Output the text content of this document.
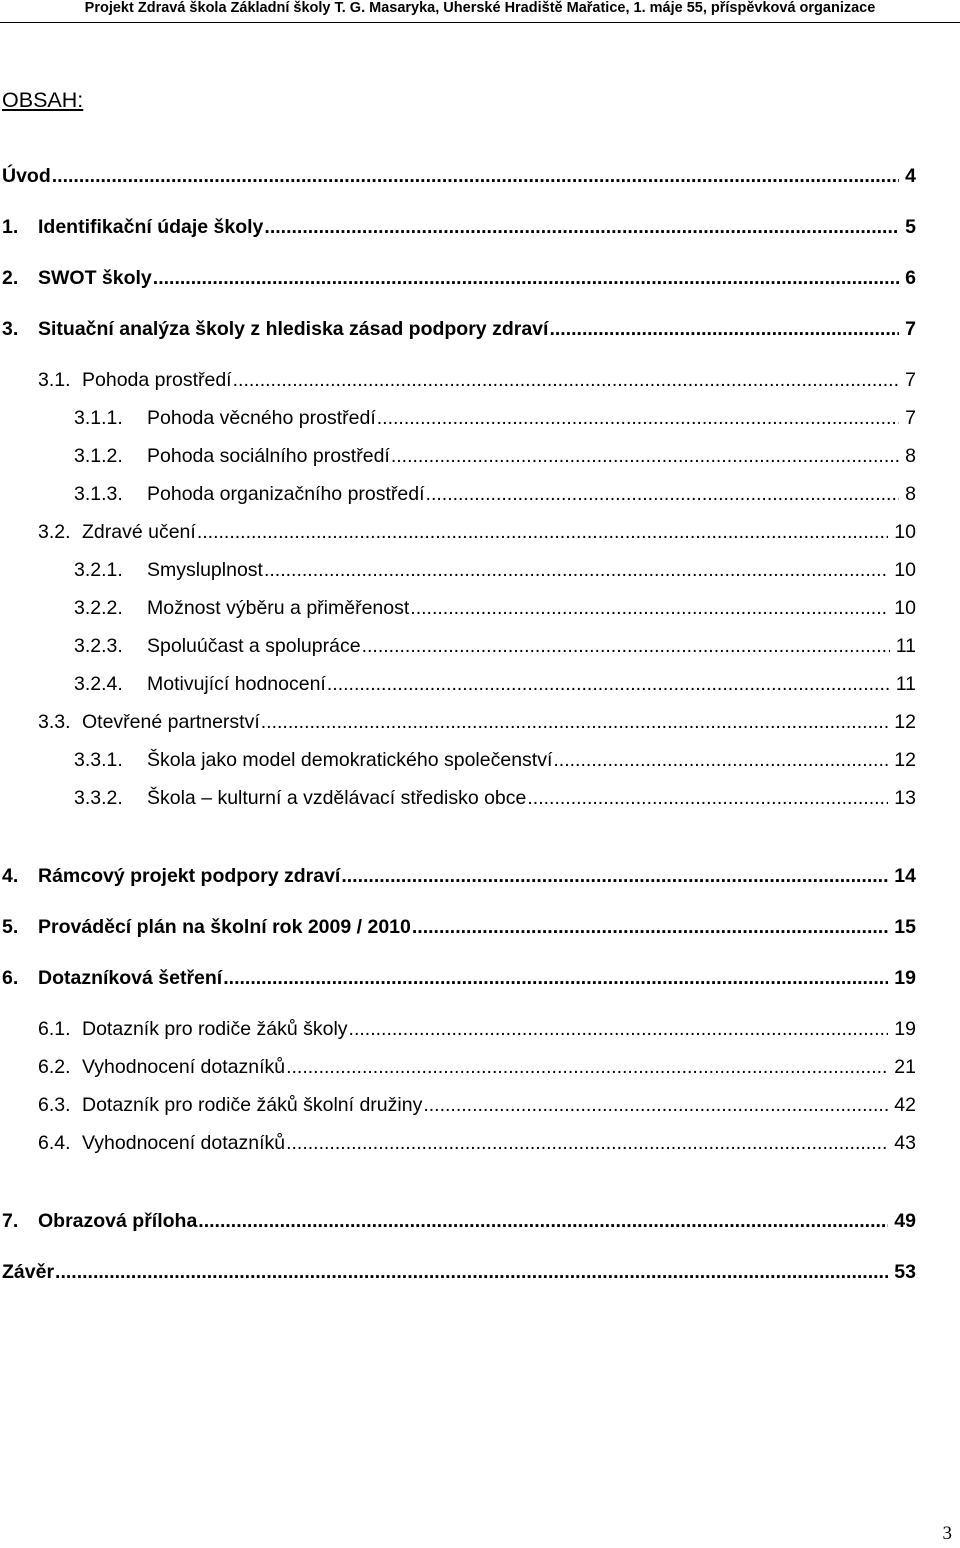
Projekt Zdravá škola Základní školy T. G. Masaryka, Uherské Hradiště Mařatice, 1. máje 55, příspěvková organizace
OBSAH:
Úvod .....	4
1.	Identifikační údaje školy .....	5
2.	SWOT školy .....	6
3.	Situační analýza školy z hlediska zásad podpory zdraví .....	7
3.1. Pohoda prostředí .....	7
3.1.1.	Pohoda věcného prostředí .....	7
3.1.2.	Pohoda sociálního prostředí .....	8
3.1.3.	Pohoda organizačního prostředí .....	8
3.2. Zdravé učení .....	10
3.2.1.	Smysluplnost .....	10
3.2.2.	Možnost výběru a přiměřenost .....	10
3.2.3.	Spoluúčast a spolupráce .....	11
3.2.4.	Motivující hodnocení .....	11
3.3. Otevřené partnerství .....	12
3.3.1.	Škola jako model demokratického společenství .....	12
3.3.2.	Škola – kulturní a vzdělávací středisko obce .....	13
4.	Rámcový projekt podpory zdraví .....	14
5.	Prováděcí plán na školní rok 2009 / 2010 .....	15
6.	Dotazníková šetření .....	19
6.1. Dotazník pro rodiče žáků školy .....	19
6.2. Vyhodnocení dotazníků .....	21
6.3. Dotazník pro rodiče žáků školní družiny .....	42
6.4. Vyhodnocení dotazníků .....	43
7.	Obrazová příloha .....	49
Závěr .....	53
3
